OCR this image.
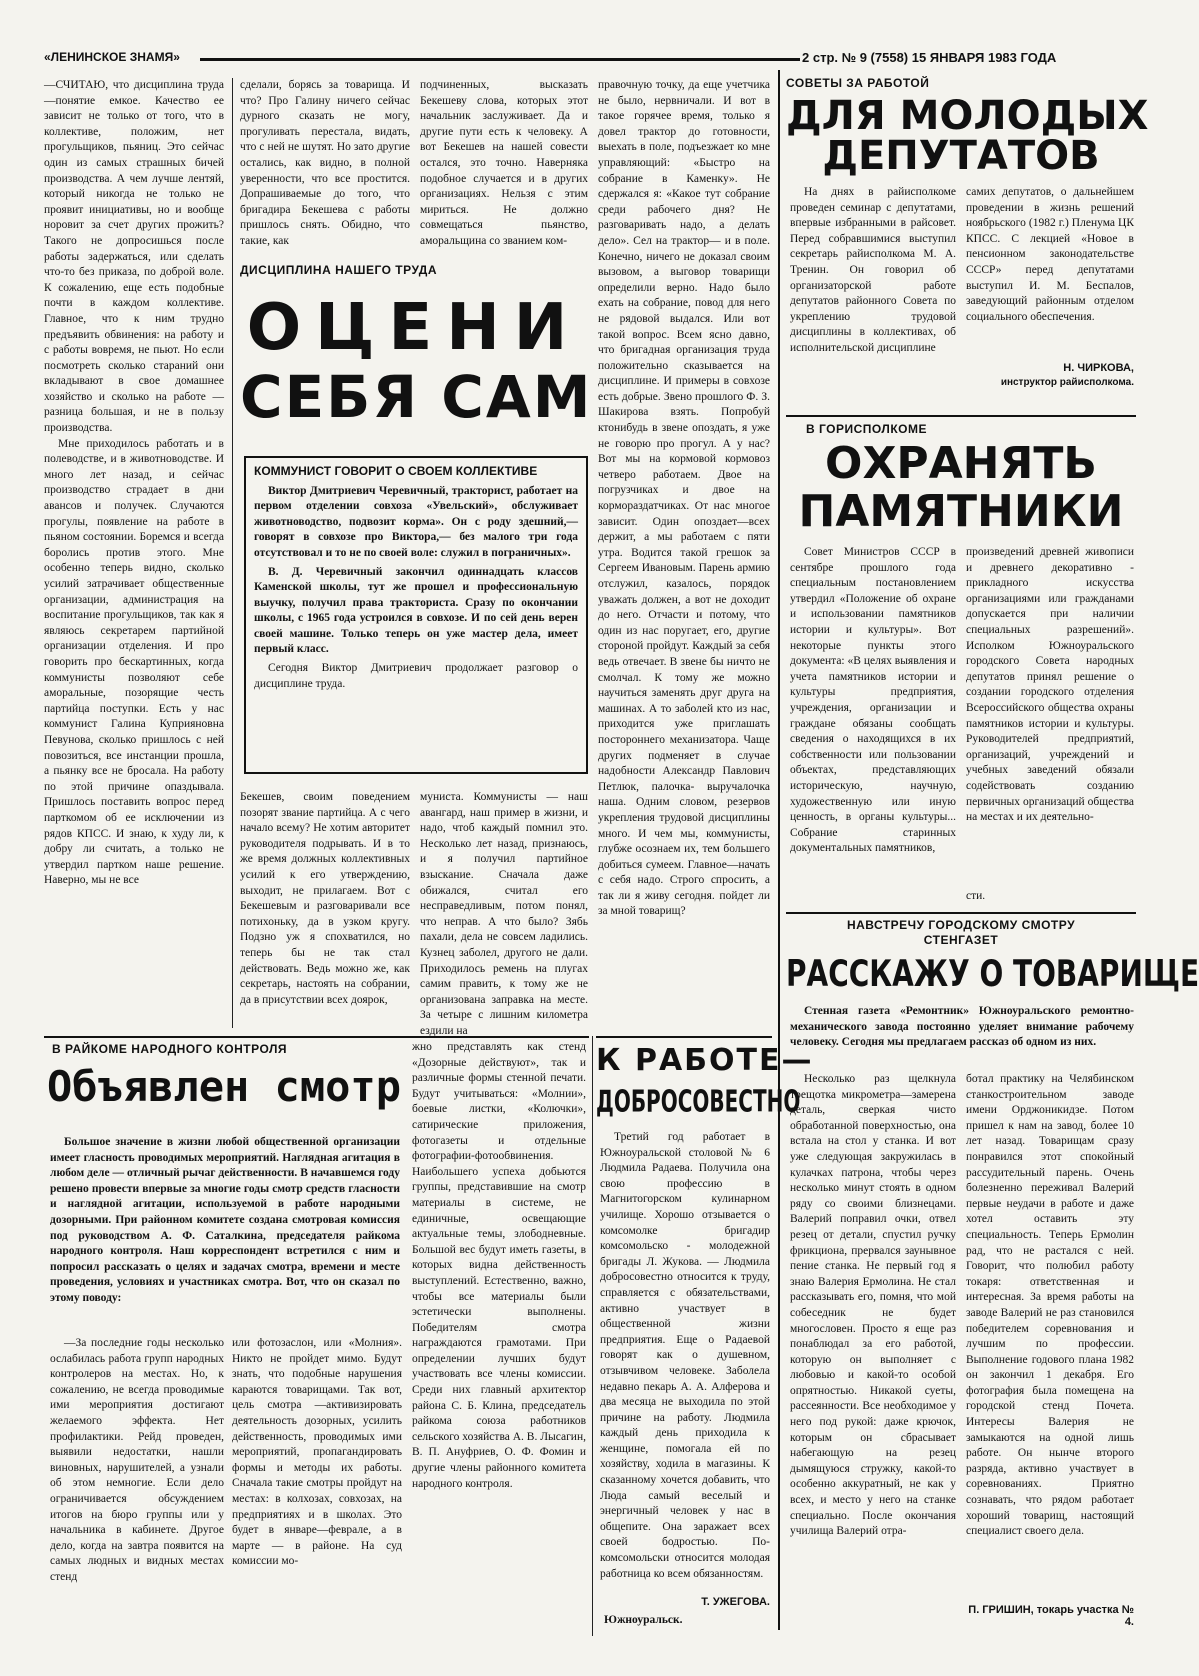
«ЛЕНИНСКОЕ ЗНАМЯ»	2 стр. № 9 (7558) 15 ЯНВАРЯ 1983 ГОДА

—СЧИТАЮ, что дисциплина труда—понятие емкое. Качество ее зависит не только от того, что в коллективе, положим, нет прогульщиков, пьяниц. Это сейчас один из самых страшных бичей производства. А чем лучше лентяй, который никогда не только не проявит инициативы, но и вообще норовит за счет других прожить? Такого не допросишься после работы задержаться, или сделать что-то без приказа, по доброй воле. К сожалению, еще есть подобные почти в каждом коллективе. Главное, что к ним трудно предъявить обвинения: на работу и с работы вовремя, не пьют. Но если посмотреть сколько стараний они вкладывают в свое домашнее хозяйство и сколько на работе — разница большая, и не в пользу производства.

Мне приходилось работать и в полеводстве, и в животноводстве. И много лет назад, и сейчас производство страдает в дни авансов и получек. Случаются прогулы, появление на работе в пьяном состоянии. Боремся и всегда боролись против этого. Мне особенно теперь видно, сколько усилий затрачивает общественные организации, администрация на воспитание прогульщиков, так как я являюсь секретарем партийной организации отделения. И про говорить про бескартинных, когда коммунисты позволяют себе аморальные, позорящие честь партийца поступки. Есть у нас коммунист Галина Куприяновна Певунова, сколько пришлось с ней повозиться, все инстанции прошла, а пьянку все не бросала. На работу по этой причине опаздывала. Пришлось поставить вопрос перед парткомом об ее исключении из рядов КПСС. И знаю, к худу ли, к добру ли считать, а только не утвердил партком наше решение. Наверно, мы не все

сделали, борясь за товарища. И что? Про Галину ничего сейчас дурного сказать не могу, прогуливать перестала, видать, что с ней не шутят. Но зато другие остались, как видно, в полной уверенности, что все простится. Допрашиваемые до того, что бригадира Бекешева с работы пришлось снять. Обидно, что такие, как

подчиненных, высказать Бекешеву слова, которых этот начальник заслуживает. Да и другие пути есть к человеку. А вот Бекешев на нашей совести остался, это точно. Наверняка подобное случается и в других организациях. Нельзя с этим мириться. Не должно совмещаться пьянство, аморальщина со званием ком-

ДИСЦИПЛИНА НАШЕГО ТРУДА
ОЦЕНИ
СЕБЯ САМ
КОММУНИСТ ГОВОРИТ О СВОЕМ КОЛЛЕКТИВЕ

Виктор Дмитриевич Черевичный, тракторист, работает на первом отделении совхоза «Увельский», обслуживает животноводство, подвозит корма». Он с роду здешний,— говорят в совхозе про Виктора,— без малого три года отсутствовал и то не по своей воле: служил в пограничных».

В. Д. Черевичный закончил одиннадцать классов Каменской школы, тут же прошел и профессиональную выучку, получил права тракториста. Сразу по окончании школы, с 1965 года устроился в совхозе. И по сей день верен своей машине. Только теперь он уже мастер дела, имеет первый класс.

Сегодня Виктор Дмитриевич продолжает разговор о дисциплине труда.

Бекешев, своим поведением позорят звание партийца. А с чего начало всему? Не хотим авторитет руководителя подрывать. И в то же время должных коллективных усилий к его утверждению, выходит, не прилагаем. Вот с Бекешевым и разговаривали все потихоньку, да в узком кругу. Подзно уж я спохватился, но теперь бы не так стал действовать. Ведь можно же, как секретарь, настоять на собрании, да в присутствии всех доярок,

муниста. Коммунисты — наш авангард, наш пример в жизни, и надо, чтоб каждый помнил это. Несколько лет назад, признаюсь, и я получил партийное взыскание. Сначала даже обижался, считал его несправедливым, потом понял, что неправ. А что было? Зябь пахали, дела не совсем ладились. Кузнец заболел, другого не дали. Приходилось ремень на плугах самим править, к тому же не организована заправка на месте. За четыре с лишним километра ездили на

правочную точку, да еще учетчика не было, нервничали. И вот в такое горячее время, только я довел трактор до готовности, выехать в поле, подъезжает ко мне управляющий: «Быстро на собрание в Каменку». Не сдержался я: «Какое тут собрание среди рабочего дня? Не разговаривать надо, а делать дело». Сел на трактор— и в поле. Конечно, ничего не доказал своим вызовом, а выговор товарищи определили верно. Надо было ехать на собрание, повод для него не рядовой выдался. Или вот такой вопрос. Всем ясно давно, что бригадная организация труда положительно сказывается на дисциплине. И примеры в совхозе есть добрые. Звено прошлого Ф. З. Шакирова взять. Попробуй ктонибудь в звене опоздать, я уже не говорю про прогул. А у нас? Вот мы на кормовой кормовоз четверо работаем. Двое на погрузчиках и двое на кормораздатчиках. От нас многое зависит. Один опоздает—всех держит, а мы работаем с пяти утра. Водится такой грешок за Сергеем Ивановым. Парень армию отслужил, казалось, порядок уважать должен, а вот не доходит до него. Отчасти и потому, что один из нас поругает, его, другие стороной пройдут. Каждый за себя ведь отвечает. В звене бы ничто не смолчал. К тому же можно научиться заменять друг друга на машинах. А то заболей кто из нас, приходится уже приглашать постороннего механизатора. Чаще других подменяет в случае надобности Александр Павлович Петлюк, палочка- выручалочка наша. Одним словом, резервов укрепления трудовой дисциплины много. И чем мы, коммунисты, глубже осознаем их, тем большего добиться сумеем. Главное—начать с себя надо. Строго спросить, а так ли я живу сегодня. пойдет ли за мной товарищ?

СОВЕТЫ ЗА РАБОТОЙ
ДЛЯ МОЛОДЫХ
ДЕПУТАТОВ

На днях в райисполкоме проведен семинар с депутатами, впервые избранными в райсовет. Перед собравшимися выступил секретарь райисполкома М. А. Тренин. Он говорил об организаторской работе депутатов районного Совета по укреплению трудовой дисциплины в коллективах, об исполнительской дисциплине

самих депутатов, о дальнейшем проведении в жизнь решений ноябрьского (1982 г.) Пленума ЦК КПСС. С лекцией «Новое в пенсионном законодательстве СССР» перед депутатами выступил И. М. Беспалов, заведующий районным отделом социального обеспечения.

Н. ЧИРКОВА,
инструктор райисполкома.
В ГОРИСПОЛКОМЕ
ОХРАНЯТЬ
ПАМЯТНИКИ

Совет Министров СССР в сентябре прошлого года специальным постановлением утвердил «Положение об охране и использовании памятников истории и культуры». Вот некоторые пункты этого документа: «В целях выявления и учета памятников истории и культуры предприятия, учреждения, организации и граждане обязаны сообщать сведения о находящихся в их собственности или пользовании объектах, представляющих историческую, научную, художественную или иную ценность, в органы культуры... Собрание старинных документальных памятников,

произведений древней живописи и древнего декоративно - прикладного искусства организациями или гражданами допускается при наличии специальных разрешений». Исполком Южноуральского городского Совета народных депутатов принял решение о создании городского отделения Всероссийского общества охраны памятников истории и культуры. Руководителей предприятий, организаций, учреждений и учебных заведений обязали содействовать созданию первичных организаций общества на местах и их деятельно-

сти.
НАВСТРЕЧУ ГОРОДСКОМУ СМОТРУ
СТЕНГАЗЕТ
РАССКАЖУ О ТОВАРИЩЕ

Стенная газета «Ремонтник» Южноуральского ремонтно- механического завода постоянно уделяет внимание рабочему человеку. Сегодня мы предлагаем рассказ об одном из них.

Несколько раз щелкнула трещотка микрометра—замерена деталь, сверкая чисто обработанной поверхностью, она встала на стол у станка. И вот уже следующая закружилась в кулачках патрона, чтобы через несколько минут стоять в одном ряду со своими близнецами. Валерий поправил очки, отвел резец от детали, спустил ручку фрикциона, прервался заунывное пение станка. Не первый год я знаю Валерия Ермолина. Не стал рассказывать его, помня, что мой собеседник не будет многословен. Просто я еще раз понаблюдал за его работой, которую он выполняет с любовью и какой-то особой опрятностью. Никакой суеты, рассеянности. Все необходимое у него под рукой: даже крючок, которым он сбрасывает набегающую на резец дымящуюся стружку, какой-то особенно аккуратный, не как у всех, и место у него на станке специально. После окончания училища Валерий отра-

ботал практику на Челябинском станкостроительном заводе имени Орджоникидзе. Потом пришел к нам на завод, более 10 лет назад. Товарищам сразу понравился этот спокойный рассудительный парень. Очень болезненно переживал Валерий первые неудачи в работе и даже хотел оставить эту специальность. Теперь Ермолин рад, что не растался с ней. Говорит, что полюбил работу токаря: ответственная и интересная. За время работы на заводе Валерий не раз становился победителем соревнования и лучшим по профессии. Выполнение годового плана 1982 он закончил 1 декабря. Его фотография была помещена на городской стенд Почета. Интересы Валерия не замыкаются на одной лишь работе. Он нынче второго разряда, активно участвует в соревнованиях. Приятно сознавать, что рядом работает хороший товарищ, настоящий специалист своего дела.

П. ГРИШИН, токарь участка № 4.
В РАЙКОМЕ НАРОДНОГО КОНТРОЛЯ
Объявлен смотр

Большое значение в жизни любой общественной организации имеет гласность проводимых мероприятий. Наглядная агитация в любом деле — отличный рычаг действенности. В начавшемся году решено провести впервые за многие годы смотр средств гласности и наглядной агитации, используемой в работе народными дозорными. При районном комитете создана смотровая комиссия под руководством А. Ф. Саталкина, председателя райкома народного контроля. Наш корреспондент встретился с ним и попросил рассказать о целях и задачах смотра, времени и месте проведения, условиях и участниках смотра. Вот, что он сказал по этому поводу:

—За последние годы несколько ослабилась работа групп народных контролеров на местах. Но, к сожалению, не всегда проводимые ими мероприятия достигают желаемого эффекта. Нет профилактики. Рейд проведен, выявили недостатки, нашли виновных, нарушителей, а узнали об этом немногие. Если дело ограничивается обсуждением итогов на бюро группы или у начальника в кабинете. Другое дело, когда на завтра появится на самых людных и видных местах стенд

или фотозаслон, или «Молния». Никто не пройдет мимо. Будут знать, что подобные нарушения караются товарищами. Так вот, цель смотра —активизировать деятельность дозорных, усилить действенность, проводимых ими мероприятий, пропагандировать формы и методы их работы. Сначала такие смотры пройдут на местах: в колхозах, совхозах, на предприятиях и в школах. Это будет в январе—феврале, а в марте — в районе. На суд комиссии мо-

жно представлять как стенд «Дозорные действуют», так и различные формы стенной печати. Будут учитываться: «Молнии», боевые листки, «Колючки», сатирические приложения, фотогазеты и отдельные фотографии-фотообвинения. Наибольшего успеха добьются группы, представившие на смотр материалы в системе, не единичные, освещающие актуальные темы, злободневные. Большой вес будут иметь газеты, в которых видна действенность выступлений. Естественно, важно, чтобы все материалы были эстетически выполнены. Победителям смотра награждаются грамотами. При определении лучших будут участвовать все члены комиссии. Среди них главный архитектор района С. Б. Клина, председатель райкома союза работников сельского хозяйства А. В. Лысагин, В. П. Ануфриев, О. Ф. Фомин и другие члены районного комитета народного контроля.

К РАБОТЕ—
ДОБРОСОВЕСТНО

Третий год работает в Южноуральской столовой № 6 Людмила Радаева. Получила она свою профессию в Магнитогорском кулинарном училище. Хорошо отзывается о комсомолке бригадир комсомольско - молодежной бригады Л. Жукова. — Людмила добросовестно относится к труду, справляется с обязательствами, активно участвует в общественной жизни предприятия. Еще о Радаевой говорят как о душевном, отзывчивом человеке. Заболела недавно пекарь А. А. Алферова и два месяца не выходила по этой причине на работу. Людмила каждый день приходила к женщине, помогала ей по хозяйству, ходила в магазины. К сказанному хочется добавить, что Люда самый веселый и энергичный человек у нас в общепите. Она заражает всех своей бодростью. По-комсомольски относится молодая работница ко всем обязанностям.

Т. УЖЕГОВА.
Южноуральск.
